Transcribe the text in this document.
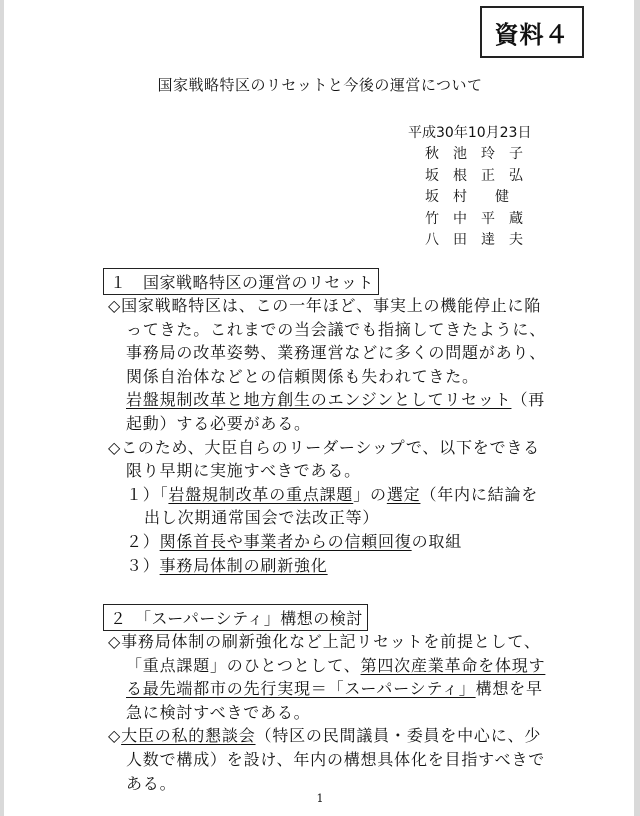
資料４
国家戦略特区のリセットと今後の運営について
平成30年10月23日
秋　池 玲　子
坂　根 正　弘
坂　村 　健
竹　中 平　蔵
八　田 達　夫
１　国家戦略特区の運営のリセット

◇国家戦略特区は、この一年ほど、事実上の機能停止に陥ってきた。これまでの当会議でも指摘してきたように、事務局の改革姿勢、業務運営などに多くの問題があり、関係自治体などとの信頼関係も失われてきた。
岩盤規制改革と地方創生のエンジンとしてリセット（再起動）する必要がある。

◇このため、大臣自らのリーダーシップで、以下をできる限り早期に実施すべきである。

１）「岩盤規制改革の重点課題」の選定（年内に結論を出し次期通常国会で法改正等）

２）関係首長や事業者からの信頼回復の取組

３）事務局体制の刷新強化

２　「スーパーシティ」構想の検討

◇事務局体制の刷新強化など上記リセットを前提として、「重点課題」のひとつとして、第四次産業革命を体現する最先端都市の先行実現＝「スーパーシティ」構想を早急に検討すべきである。

◇大臣の私的懇談会（特区の民間議員・委員を中心に、少人数で構成）を設け、年内の構想具体化を目指すべきである。

1
